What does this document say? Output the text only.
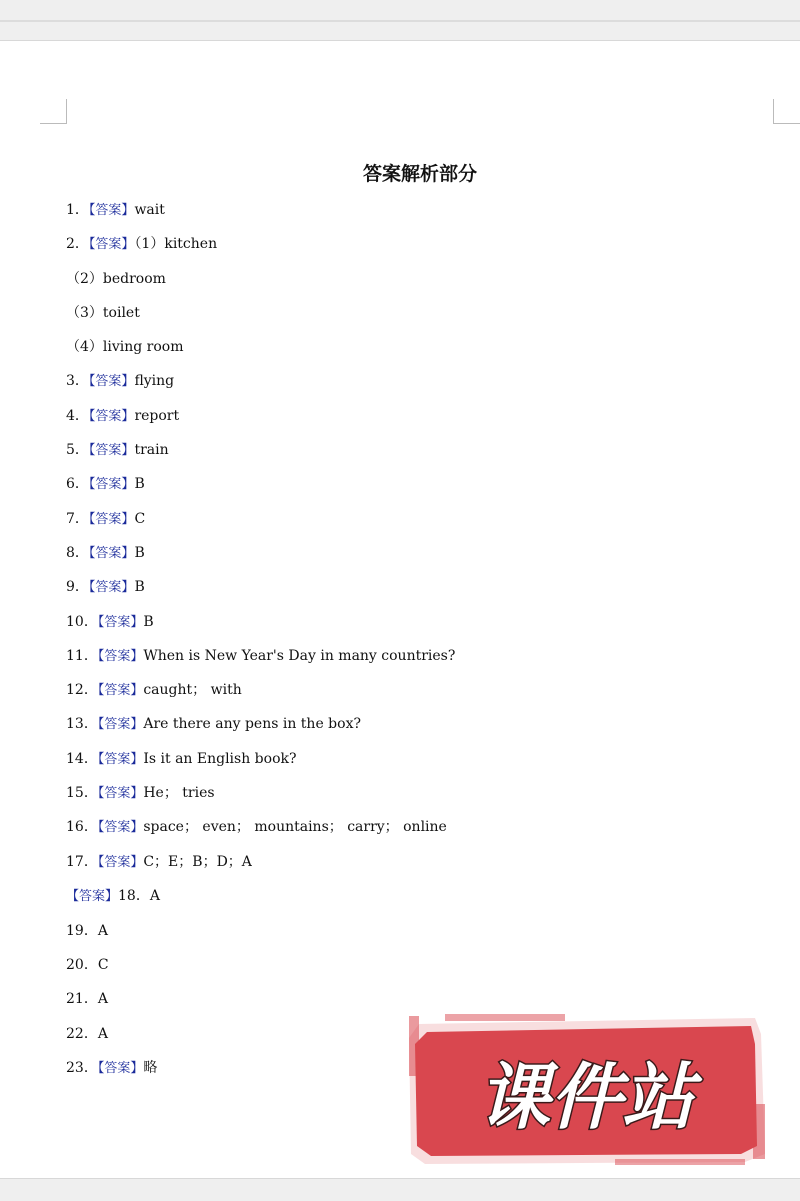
答案解析部分
1．【答案】wait
2．【答案】（1）kitchen
（2）bedroom
（3）toilet
（4）living room
3．【答案】flying
4．【答案】report
5．【答案】train
6．【答案】B
7．【答案】C
8．【答案】B
9．【答案】B
10．【答案】B
11．【答案】When is New Year's Day in many countries?
12．【答案】caught； with
13．【答案】Are there any pens in the box?
14．【答案】Is it an English book?
15．【答案】He； tries
16．【答案】space； even； mountains； carry； online
17．【答案】C；E；B；D；A
【答案】18．A
19．A
20．C
21．A
22．A
23．【答案】略	课件站
